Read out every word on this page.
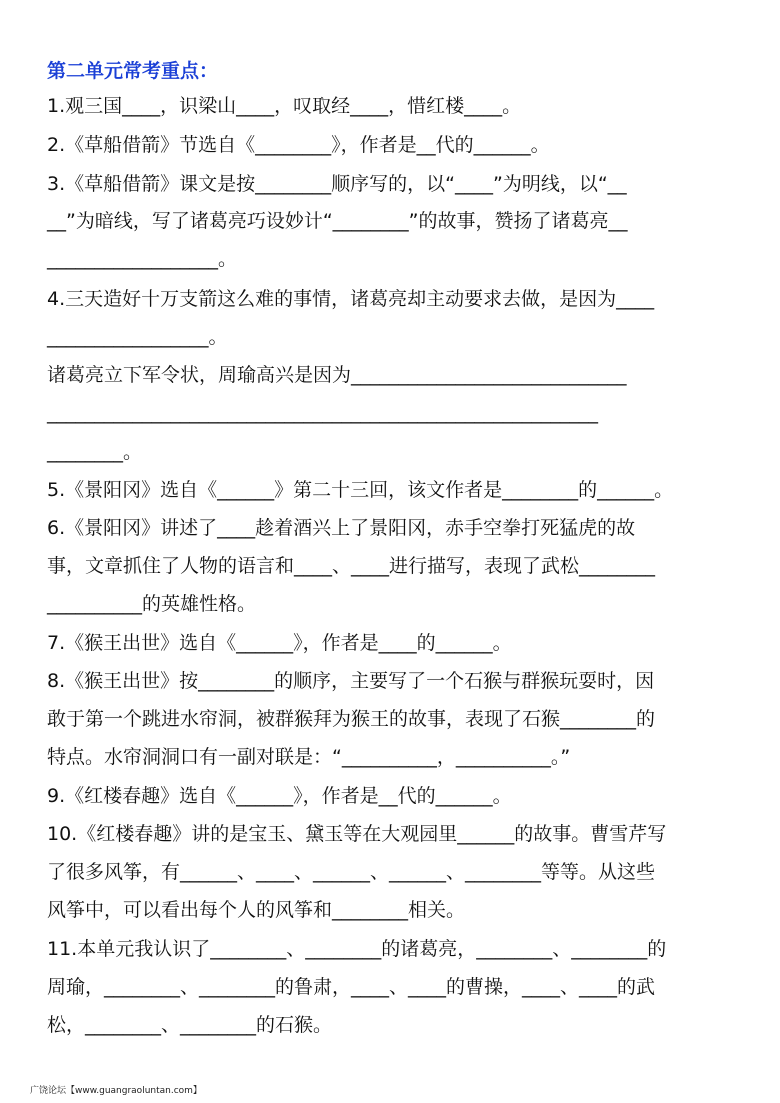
第二单元常考重点：
1.观三国____，识梁山____，叹取经____，惜红楼____。
2.《草船借箭》节选自《________》，作者是__代的______。
3.《草船借箭》课文是按________顺序写的，以“____”为明线，以“__
__”为暗线，写了诸葛亮巧设妙计“________”的故事，赞扬了诸葛亮__
__________________。
4.三天造好十万支箭这么难的事情，诸葛亮却主动要求去做，是因为____
_________________。
诸葛亮立下军令状，周瑜高兴是因为_____________________________
__________________________________________________________
________。
5.《景阳冈》选自《______》第二十三回，该文作者是________的______。
6.《景阳冈》讲述了____趁着酒兴上了景阳冈，赤手空拳打死猛虎的故
事，文章抓住了人物的语言和____、____进行描写，表现了武松________
__________的英雄性格。
7.《猴王出世》选自《______》，作者是____的______。
8.《猴王出世》按________的顺序，主要写了一个石猴与群猴玩耍时，因
敢于第一个跳进水帘洞，被群猴拜为猴王的故事，表现了石猴________的
特点。水帘洞洞口有一副对联是：“__________，__________。”
9.《红楼春趣》选自《______》，作者是__代的______。
10.《红楼春趣》讲的是宝玉、黛玉等在大观园里______的故事。曹雪芹写
了很多风筝，有______、____、______、______、________等等。从这些
风筝中，可以看出每个人的风筝和________相关。
11.本单元我认识了________、________的诸葛亮，________、________的
周瑜，________、________的鲁肃，____、____的曹操，____、____的武
松，________、________的石猴。
广饶论坛【www.guangraoluntan.com】
